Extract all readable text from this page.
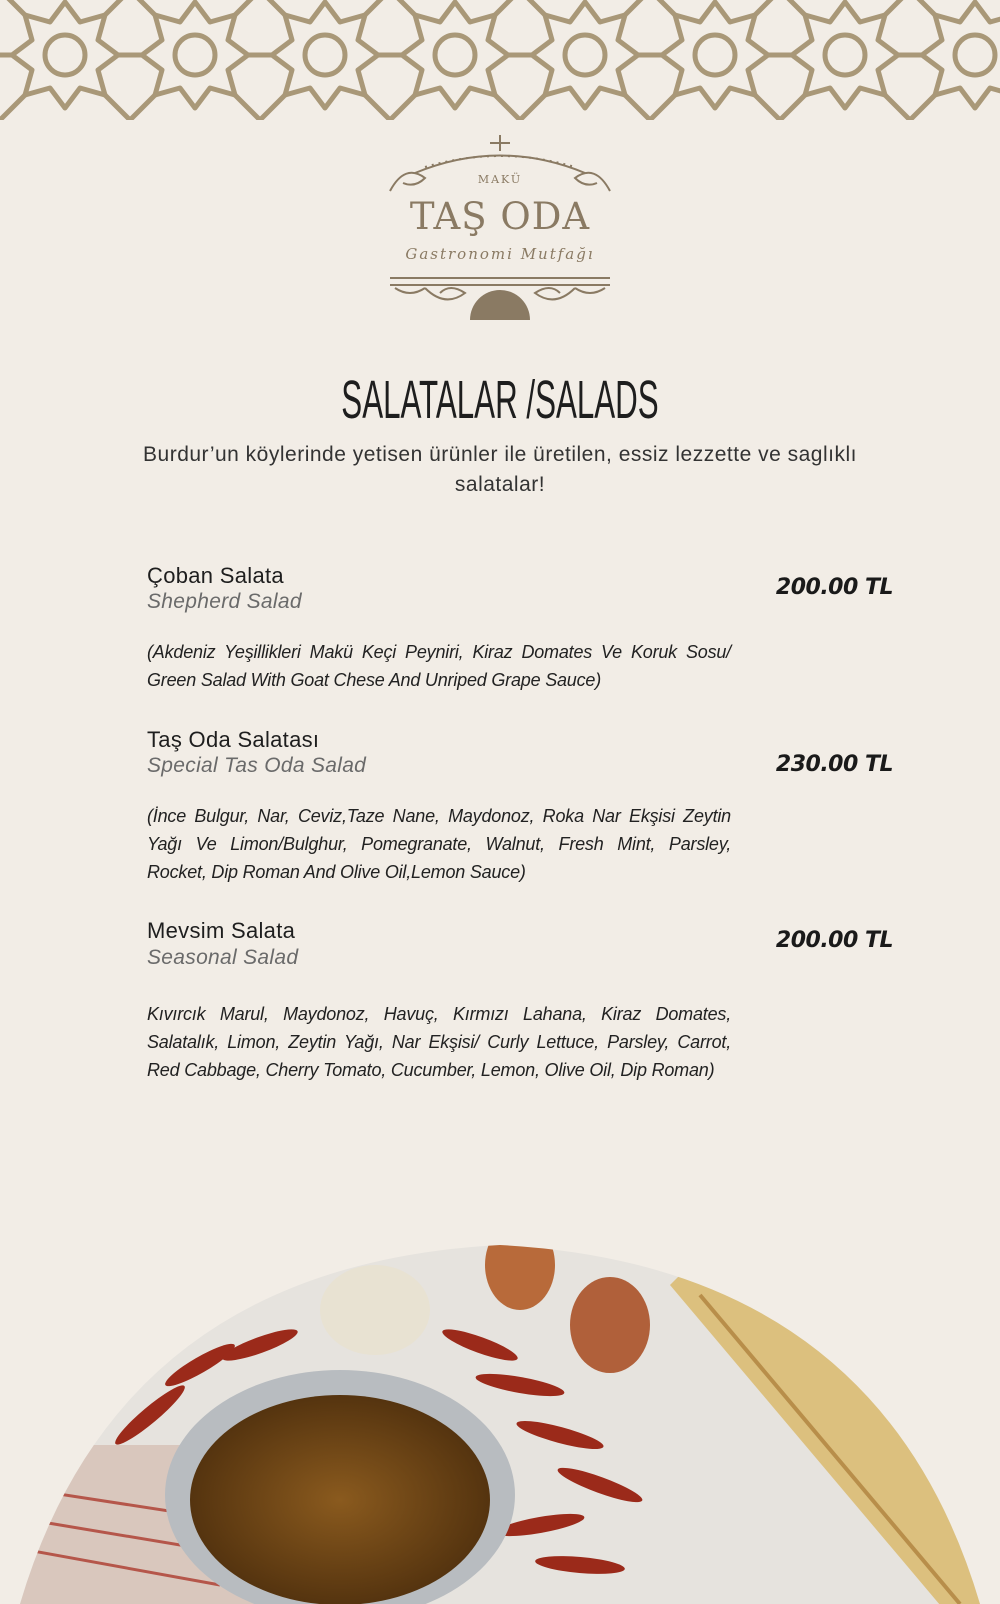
MAKÜ
TAŞ ODA
Gastronomi Mutfağı
SALATALAR /SALADS
Burdur’un köylerinde yetisen ürünler ile üretilen, essiz lezzette ve saglıklı salatalar!
Çoban Salata
Shepherd Salad
200.00 TL
(Akdeniz Yeşillikleri Makü Keçi Peyniri, Kiraz Domates Ve Koruk Sosu/ Green Salad With Goat Chese And Unriped Grape Sauce)
Taş Oda Salatası
Special Tas Oda Salad	230.00 TL
(İnce Bulgur, Nar, Ceviz,Taze Nane, Maydonoz, Roka Nar Ekşisi Zeytin Yağı Ve Limon/Bulghur, Pomegranate, Walnut, Fresh Mint, Parsley, Rocket, Dip Roman And Olive Oil,Lemon Sauce)
Mevsim Salata
Seasonal Salad
200.00 TL
Kıvırcık Marul, Maydonoz, Havuç, Kırmızı Lahana, Kiraz Domates, Salatalık, Limon, Zeytin Yağı, Nar Ekşisi/ Curly Lettuce, Parsley, Carrot, Red Cabbage, Cherry Tomato, Cucumber, Lemon, Olive Oil, Dip Roman)
